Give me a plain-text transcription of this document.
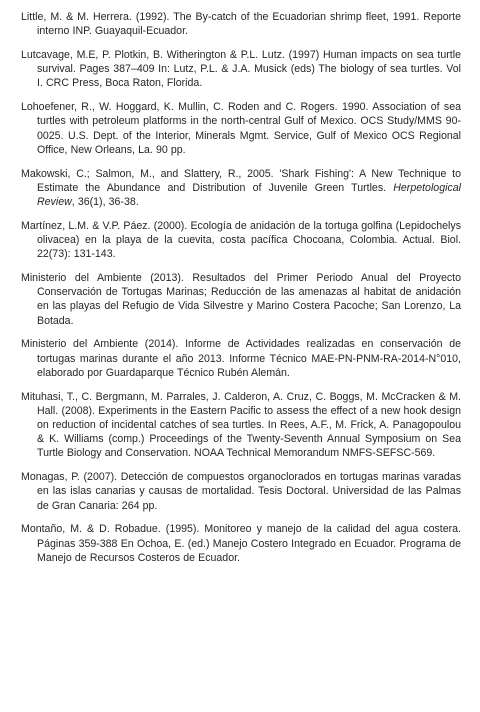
Little, M. & M. Herrera. (1992). The By-catch of the Ecuadorian shrimp fleet, 1991. Reporte interno INP. Guayaquil-Ecuador.

Lutcavage, M.E, P. Plotkin, B. Witherington & P.L. Lutz. (1997) Human impacts on sea turtle survival. Pages 387–409 In: Lutz, P.L. & J.A. Musick (eds) The biology of sea turtles. Vol I. CRC Press, Boca Raton, Florida.

Lohoefener, R., W. Hoggard, K. Mullin, C. Roden and C. Rogers. 1990. Association of sea turtles with petroleum platforms in the north-central Gulf of Mexico. OCS Study/MMS 90-0025. U.S. Dept. of the Interior, Minerals Mgmt. Service, Gulf of Mexico OCS Regional Office, New Orleans, La. 90 pp.

Makowski, C.; Salmon, M., and Slattery, R., 2005. 'Shark Fishing': A New Technique to Estimate the Abundance and Distribution of Juvenile Green Turtles. Herpetological Review, 36(1), 36-38.

Martínez, L.M. & V.P. Páez. (2000). Ecología de anidación de la tortuga golfina (Lepidochelys olivacea) en la playa de la cuevita, costa pacífica Chocoana, Colombia. Actual. Biol. 22(73): 131-143.

Ministerio del Ambiente (2013). Resultados del Primer Periodo Anual del Proyecto Conservación de Tortugas Marinas; Reducción de las amenazas al habitat de anidación en las playas del Refugio de Vida Silvestre y Marino Costera Pacoche; San Lorenzo, La Botada.

Ministerio del Ambiente (2014). Informe de Actividades realizadas en conservación de tortugas marinas durante el año 2013. Informe Técnico MAE-PN-PNM-RA-2014-N°010, elaborado por Guardaparque Técnico Rubén Alemán.

Mituhasi, T., C. Bergmann, M. Parrales, J. Calderon, A. Cruz, C. Boggs, M. McCracken & M. Hall. (2008). Experiments in the Eastern Pacific to assess the effect of a new hook design on reduction of incidental catches of sea turtles. In Rees, A.F., M. Frick, A. Panagopoulou & K. Williams (comp.) Proceedings of the Twenty-Seventh Annual Symposium on Sea Turtle Biology and Conservation. NOAA Technical Memorandum NMFS-SEFSC-569.

Monagas, P. (2007). Detección de compuestos organoclorados en tortugas marinas varadas en las islas canarias y causas de mortalidad. Tesis Doctoral. Universidad de las Palmas de Gran Canaria: 264 pp.

Montaño, M. & D. Robadue. (1995). Monitoreo y manejo de la calidad del agua costera. Páginas 359-388 En Ochoa, E. (ed.) Manejo Costero Integrado en Ecuador. Programa de Manejo de Recursos Costeros de Ecuador.
